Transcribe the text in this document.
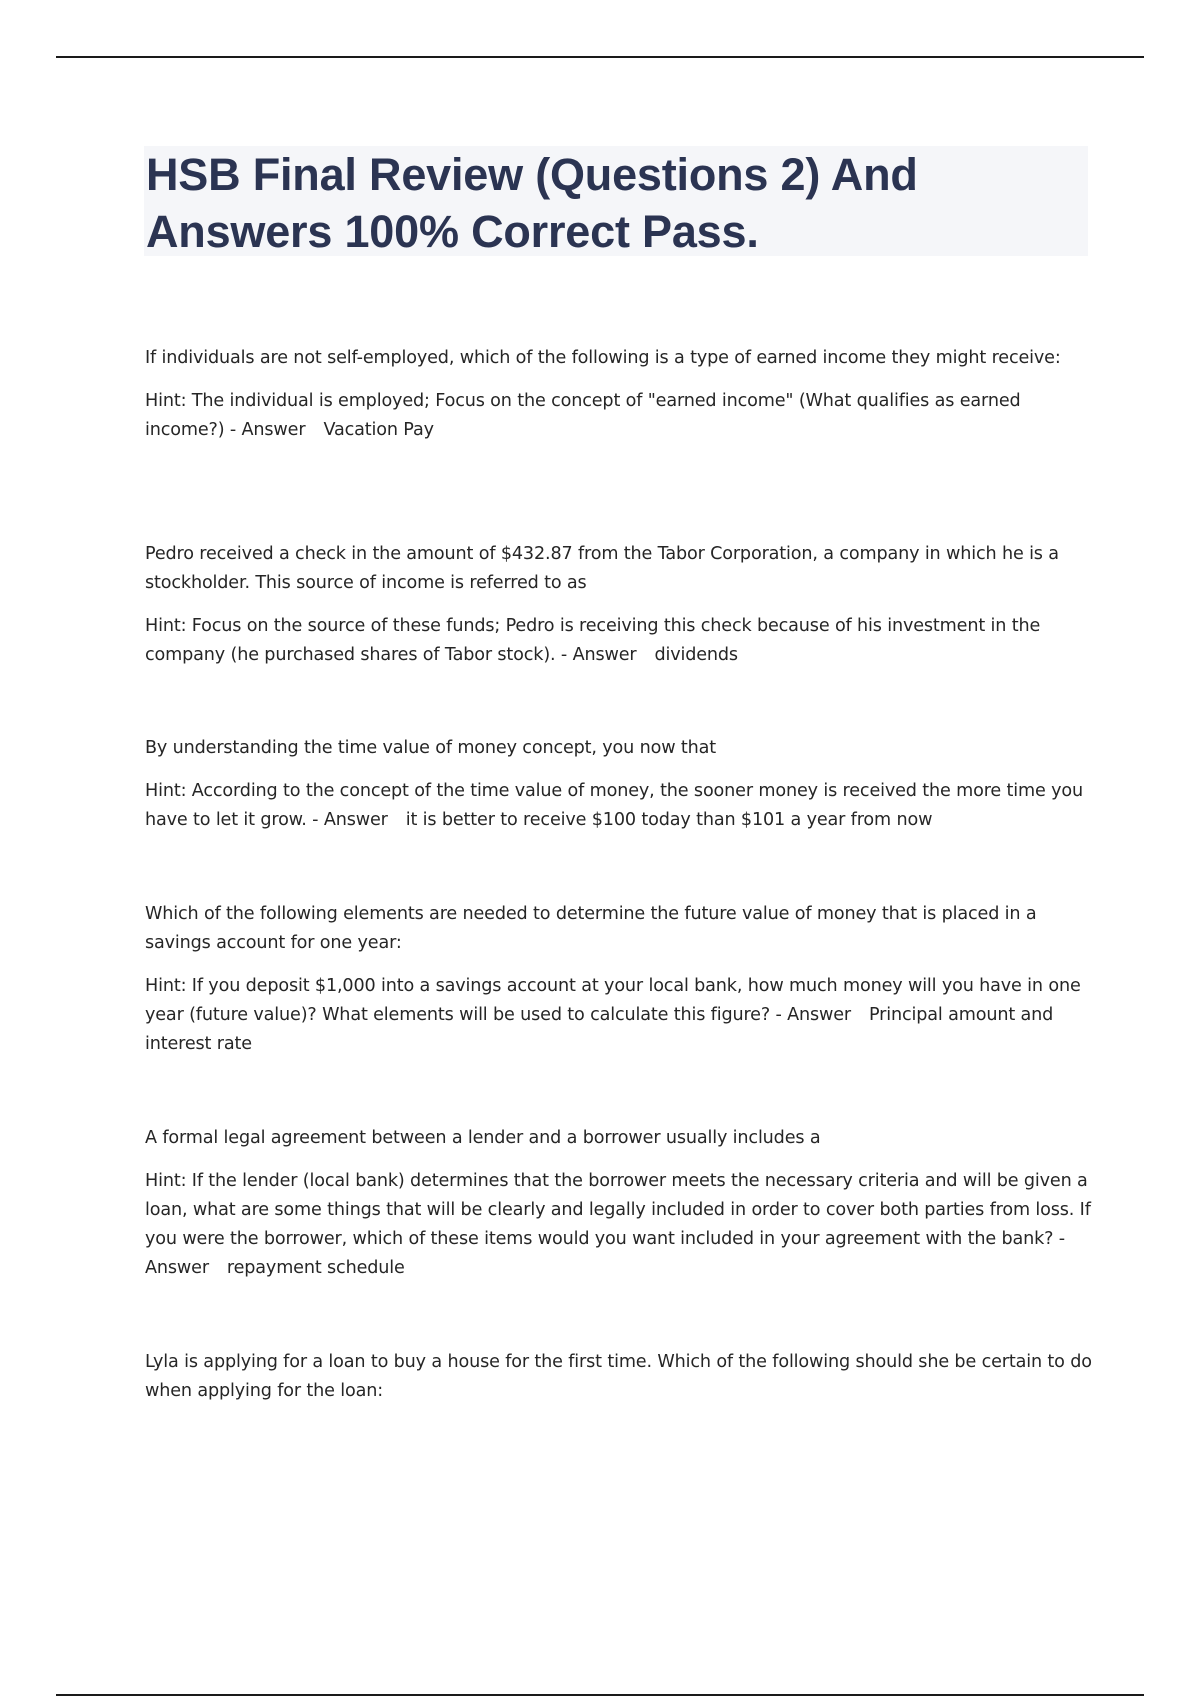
HSB Final Review (Questions 2) And Answers 100% Correct Pass.

If individuals are not self-employed, which of the following is a type of earned income they might receive:

Hint: The individual is employed; Focus on the concept of "earned income" (What qualifies as earned income?) - Answer Vacation Pay

Pedro received a check in the amount of $432.87 from the Tabor Corporation, a company in which he is a stockholder. This source of income is referred to as

Hint: Focus on the source of these funds; Pedro is receiving this check because of his investment in the company (he purchased shares of Tabor stock). - Answer dividends

By understanding the time value of money concept, you now that

Hint: According to the concept of the time value of money, the sooner money is received the more time you have to let it grow. - Answer it is better to receive $100 today than $101 a year from now

Which of the following elements are needed to determine the future value of money that is placed in a savings account for one year:

Hint: If you deposit $1,000 into a savings account at your local bank, how much money will you have in one year (future value)? What elements will be used to calculate this figure? - Answer Principal amount and interest rate

A formal legal agreement between a lender and a borrower usually includes a

Hint: If the lender (local bank) determines that the borrower meets the necessary criteria and will be given a loan, what are some things that will be clearly and legally included in order to cover both parties from loss. If you were the borrower, which of these items would you want included in your agreement with the bank? - Answer repayment schedule

Lyla is applying for a loan to buy a house for the first time. Which of the following should she be certain to do when applying for the loan:
